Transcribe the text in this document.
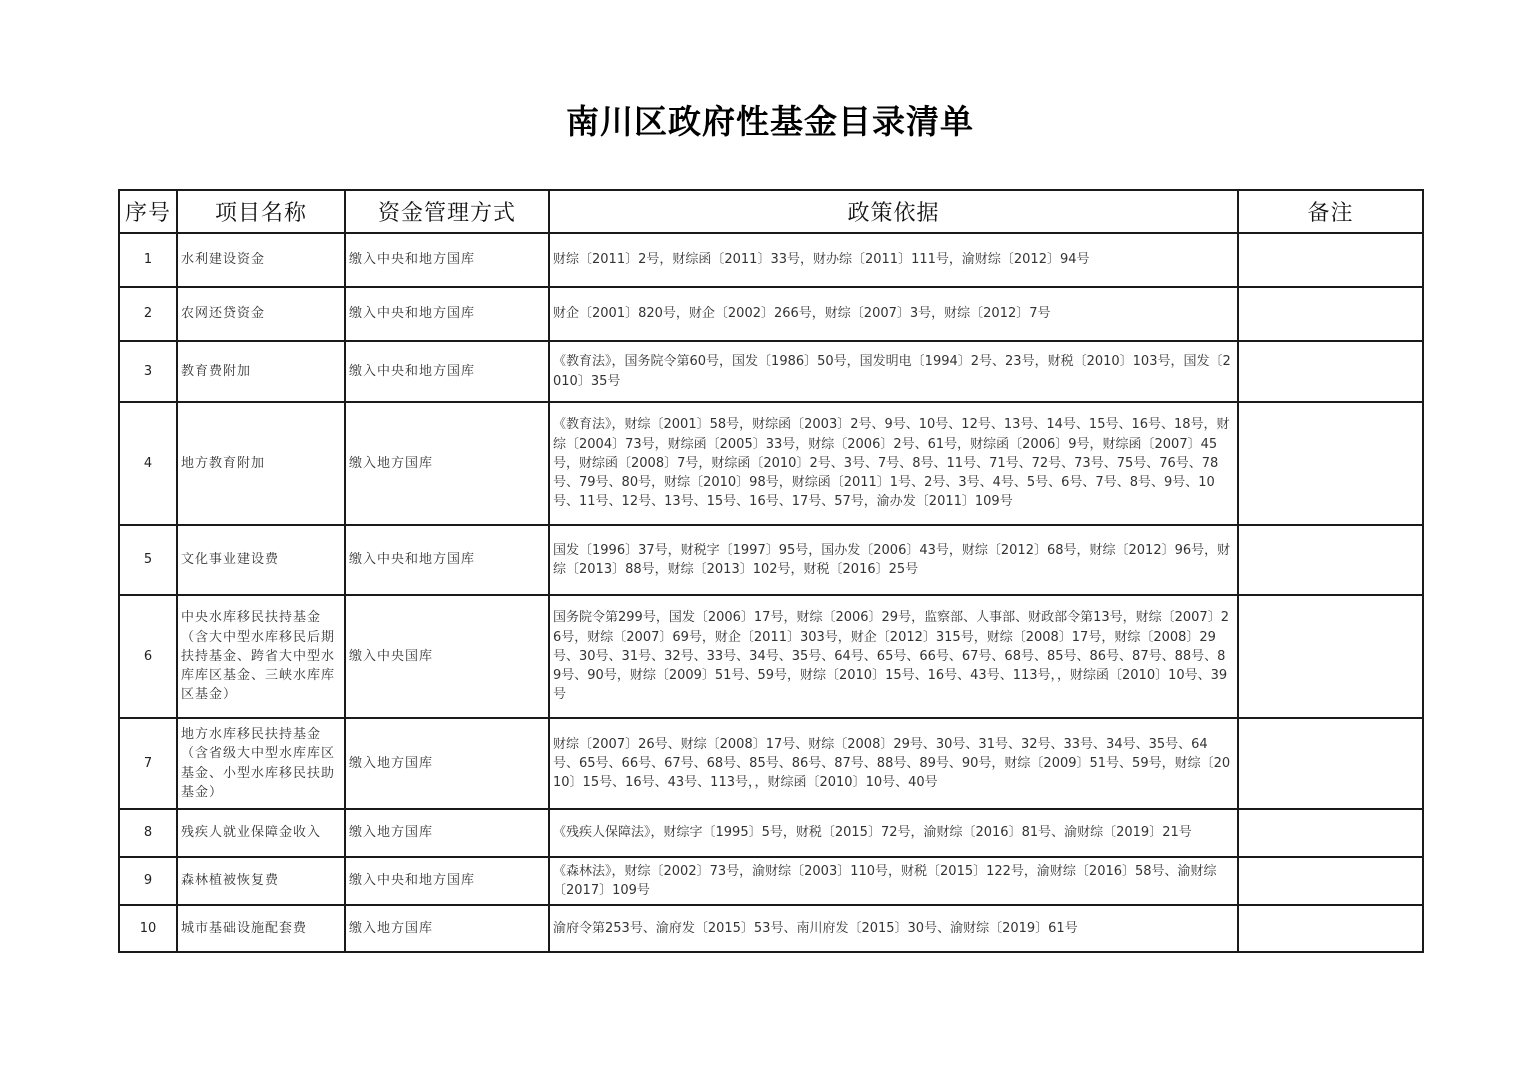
南川区政府性基金目录清单
序号	项目名称	资金管理方式	政策依据	备注
1	水利建设资金	缴入中央和地方国库	财综〔2011〕2号，财综函〔2011〕33号，财办综〔2011〕111号，渝财综〔2012〕94号	
2	农网还贷资金	缴入中央和地方国库	财企〔2001〕820号，财企〔2002〕266号，财综〔2007〕3号，财综〔2012〕7号	
3	教育费附加	缴入中央和地方国库	《教育法》，国务院令第60号，国发〔1986〕50号，国发明电〔1994〕2号、23号，财税〔2010〕103号，国发〔2010〕35号	
4	地方教育附加	缴入地方国库	《教育法》，财综〔2001〕58号，财综函〔2003〕2号、9号、10号、12号、13号、14号、15号、16号、18号，财综〔2004〕73号，财综函〔2005〕33号，财综〔2006〕2号、61号，财综函〔2006〕9号，财综函〔2007〕45号，财综函〔2008〕7号，财综函〔2010〕2号、3号、7号、8号、11号、71号、72号、73号、75号、76号、78号、79号、80号，财综〔2010〕98号，财综函〔2011〕1号、2号、3号、4号、5号、6号、7号、8号、9号、10号、11号、12号、13号、15号、16号、17号、57号，渝办发〔2011〕109号	
5	文化事业建设费	缴入中央和地方国库	国发〔1996〕37号，财税字〔1997〕95号，国办发〔2006〕43号，财综〔2012〕68号，财综〔2012〕96号，财综〔2013〕88号，财综〔2013〕102号，财税〔2016〕25号	
6	中央水库移民扶持基金（含大中型水库移民后期扶持基金、跨省大中型水库库区基金、三峡水库库区基金）	缴入中央国库	国务院令第299号，国发〔2006〕17号，财综〔2006〕29号，监察部、人事部、财政部令第13号，财综〔2007〕26号，财综〔2007〕69号，财企〔2011〕303号，财企〔2012〕315号，财综〔2008〕17号，财综〔2008〕29号、30号、31号、32号、33号、34号、35号、64号、65号、66号、67号、68号、85号、86号、87号、88号、89号、90号，财综〔2009〕51号、59号，财综〔2010〕15号、16号、43号、113号，，财综函〔2010〕10号、39号	
7	地方水库移民扶持基金（含省级大中型水库库区基金、小型水库移民扶助基金）	缴入地方国库	财综〔2007〕26号、财综〔2008〕17号、财综〔2008〕29号、30号、31号、32号、33号、34号、35号、64号、65号、66号、67号、68号、85号、86号、87号、88号、89号、90号，财综〔2009〕51号、59号，财综〔2010〕15号、16号、43号、113号，，财综函〔2010〕10号、40号	
8	残疾人就业保障金收入	缴入地方国库	《残疾人保障法》，财综字〔1995〕5号，财税〔2015〕72号，渝财综〔2016〕81号、渝财综〔2019〕21号	
9	森林植被恢复费	缴入中央和地方国库	《森林法》，财综〔2002〕73号，渝财综〔2003〕110号，财税〔2015〕122号，渝财综〔2016〕58号、渝财综〔2017〕109号	
10	城市基础设施配套费	缴入地方国库	渝府令第253号、渝府发〔2015〕53号、南川府发〔2015〕30号、渝财综〔2019〕61号	
